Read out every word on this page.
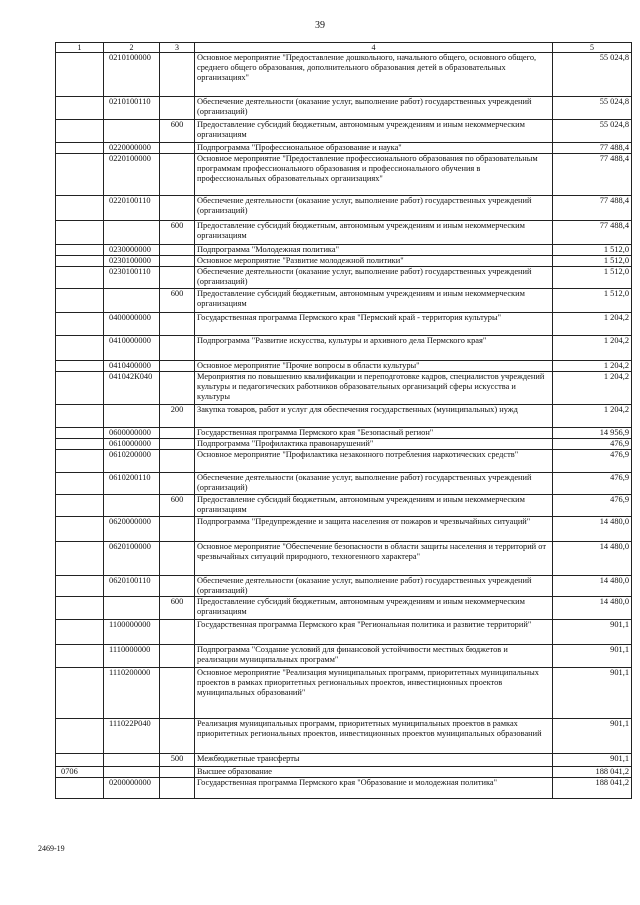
39
1	2	3	4	5
	0210100000		Основное мероприятие "Предоставление дошкольного, начального общего, основного общего, среднего общего образования, дополнительного образования детей в образовательных организациях"	55 024,8
	0210100110		Обеспечение деятельности (оказание услуг, выполнение работ) государственных учреждений (организаций)	55 024,8
		600	Предоставление субсидий бюджетным, автономным учреждениям и иным некоммерческим организациям	55 024,8
	0220000000		Подпрограмма "Профессиональное образование и наука"	77 488,4
	0220100000		Основное мероприятие "Предоставление профессионального образования по образовательным программам профессионального образования и профессионального обучения в профессиональных образовательных организациях"	77 488,4
	0220100110		Обеспечение деятельности (оказание услуг, выполнение работ) государственных учреждений (организаций)	77 488,4
		600	Предоставление субсидий бюджетным, автономным учреждениям и иным некоммерческим организациям	77 488,4
	0230000000		Подпрограмма "Молодежная политика"	1 512,0
	0230100000		Основное мероприятие "Развитие молодежной политики"	1 512,0
	0230100110		Обеспечение деятельности (оказание услуг, выполнение работ) государственных учреждений (организаций)	1 512,0
		600	Предоставление субсидий бюджетным, автономным учреждениям и иным некоммерческим организациям	1 512,0
	0400000000		Государственная программа Пермского края "Пермский край - территория культуры"	1 204,2
	0410000000		Подпрограмма "Развитие искусства, культуры и архивного дела Пермского края"	1 204,2
	0410400000		Основное мероприятие "Прочие вопросы в области культуры"	1 204,2
	041042К040		Мероприятия по повышению квалификации и переподготовке кадров, специалистов учреждений культуры и педагогических работников образовательных организаций сферы искусства и культуры	1 204,2
		200	Закупка товаров, работ и услуг для обеспечения государственных (муниципальных) нужд	1 204,2
	0600000000		Государственная программа Пермского края "Безопасный регион"	14 956,9
	0610000000		Подпрограмма "Профилактика правонарушений"	476,9
	0610200000		Основное мероприятие "Профилактика незаконного потребления наркотических средств"	476,9
	0610200110		Обеспечение деятельности (оказание услуг, выполнение работ) государственных учреждений (организаций)	476,9
		600	Предоставление субсидий бюджетным, автономным учреждениям и иным некоммерческим организациям	476,9
	0620000000		Подпрограмма "Предупреждение и защита населения от пожаров и чрезвычайных ситуаций"	14 480,0
	0620100000		Основное мероприятие "Обеспечение безопасности в области защиты населения и территорий от чрезвычайных ситуаций природного, техногенного характера"	14 480,0
	0620100110		Обеспечение деятельности (оказание услуг, выполнение работ) государственных учреждений (организаций)	14 480,0
		600	Предоставление субсидий бюджетным, автономным учреждениям и иным некоммерческим организациям	14 480,0
	1100000000		Государственная программа Пермского края "Региональная политика и развитие территорий"	901,1
	1110000000		Подпрограмма "Создание условий для финансовой устойчивости местных бюджетов и реализации муниципальных программ"	901,1
	1110200000		Основное мероприятие "Реализация муниципальных программ, приоритетных муниципальных проектов в рамках приоритетных региональных проектов, инвестиционных проектов муниципальных образований"	901,1
	111022Р040		Реализация муниципальных программ, приоритетных муниципальных проектов в рамках приоритетных региональных проектов, инвестиционных проектов муниципальных образований	901,1
		500	Межбюджетные трансферты	901,1
0706			Высшее образование	188 041,2
	0200000000		Государственная программа Пермского края "Образование и молодежная политика"	188 041,2
2469-19
